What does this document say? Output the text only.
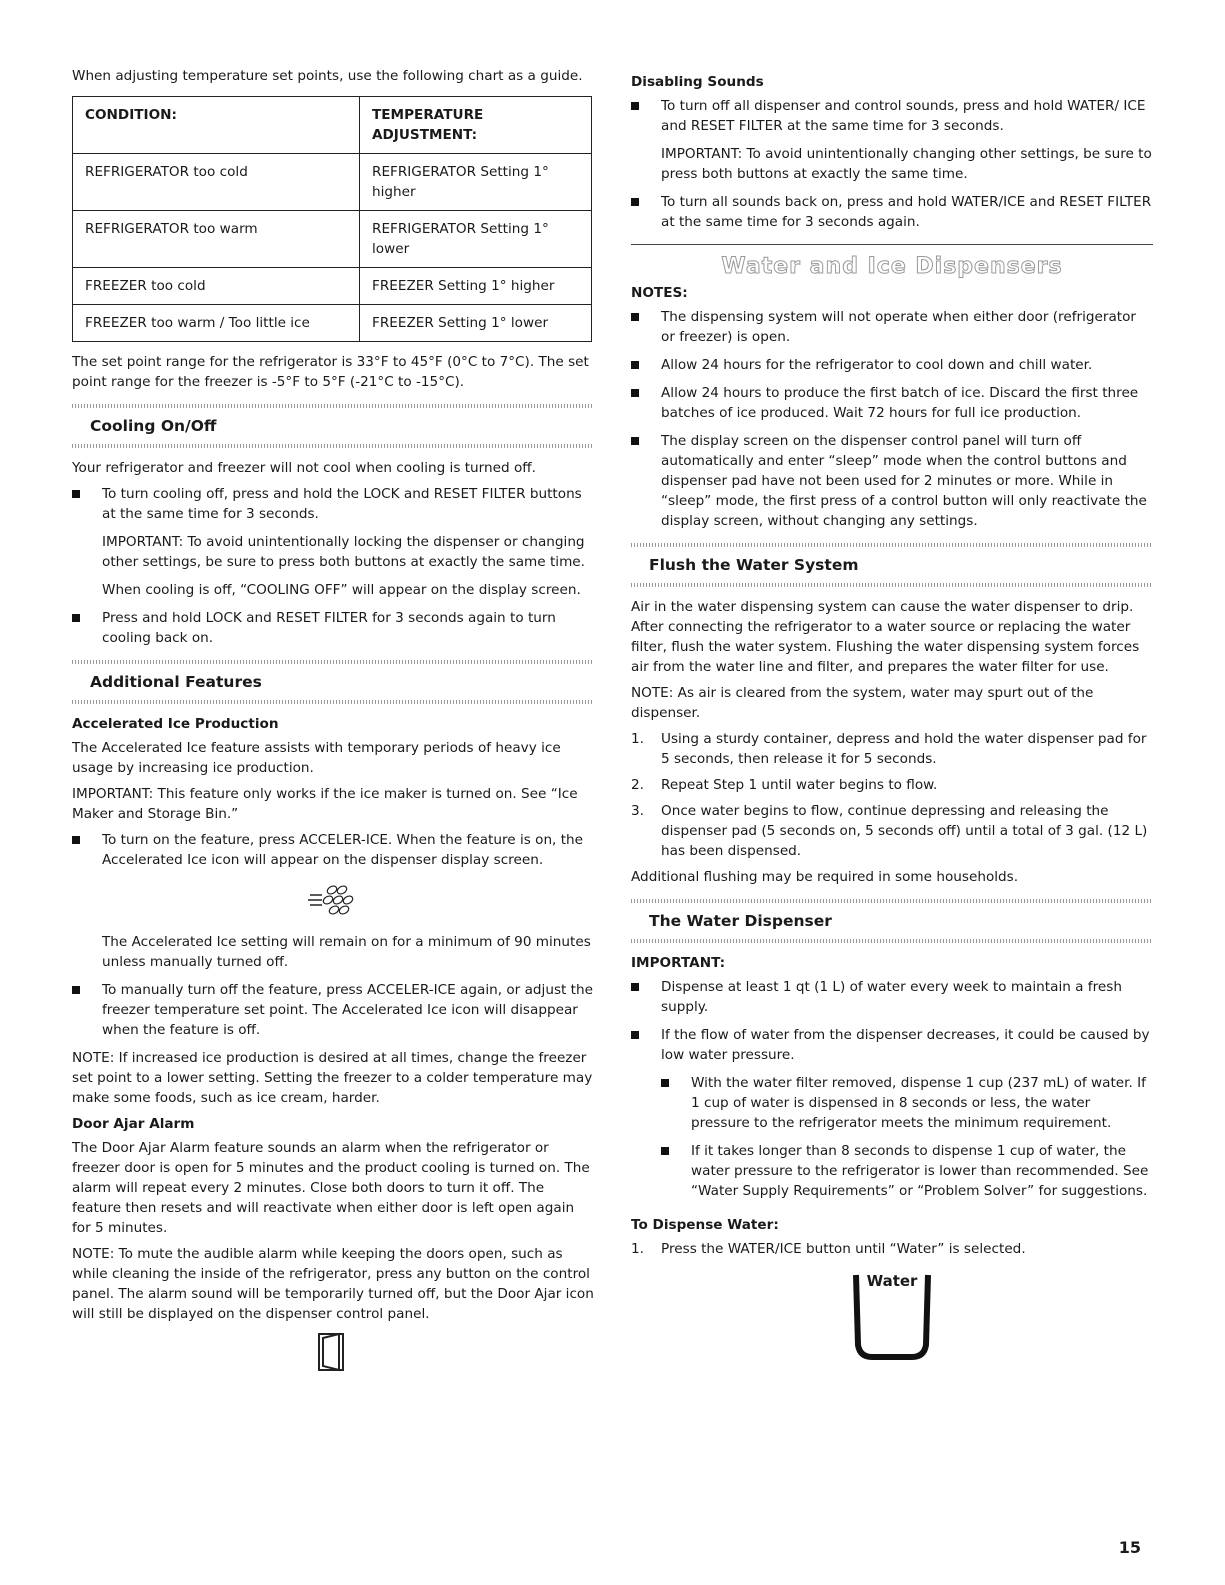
When adjusting temperature set points, use the following chart as a guide.

CONDITION:	TEMPERATURE ADJUSTMENT:
REFRIGERATOR too cold	REFRIGERATOR Setting 1° higher
REFRIGERATOR too warm	REFRIGERATOR Setting 1° lower
FREEZER too cold	FREEZER Setting 1° higher
FREEZER too warm / Too little ice	FREEZER Setting 1° lower

The set point range for the refrigerator is 33°F to 45°F (0°C to 7°C). The set point range for the freezer is -5°F to 5°F (-21°C to -15°C).

Cooling On/Off

Your refrigerator and freezer will not cool when cooling is turned off.

To turn cooling off, press and hold the LOCK and RESET FILTER buttons at the same time for 3 seconds.
IMPORTANT: To avoid unintentionally locking the dispenser or changing other settings, be sure to press both buttons at exactly the same time.
When cooling is off, “COOLING OFF” will appear on the display screen.
Press and hold LOCK and RESET FILTER for 3 seconds again to turn cooling back on.
Additional Features
Accelerated Ice Production

The Accelerated Ice feature assists with temporary periods of heavy ice usage by increasing ice production.

IMPORTANT: This feature only works if the ice maker is turned on. See “Ice Maker and Storage Bin.”

To turn on the feature, press ACCELER-ICE. When the feature is on, the Accelerated Ice icon will appear on the dispenser display screen.
The Accelerated Ice setting will remain on for a minimum of 90 minutes unless manually turned off.
To manually turn off the feature, press ACCELER-ICE again, or adjust the freezer temperature set point. The Accelerated Ice icon will disappear when the feature is off.

NOTE: If increased ice production is desired at all times, change the freezer set point to a lower setting. Setting the freezer to a colder temperature may make some foods, such as ice cream, harder.

Door Ajar Alarm

The Door Ajar Alarm feature sounds an alarm when the refrigerator or freezer door is open for 5 minutes and the product cooling is turned on. The alarm will repeat every 2 minutes. Close both doors to turn it off. The feature then resets and will reactivate when either door is left open again for 5 minutes.

NOTE: To mute the audible alarm while keeping the doors open, such as while cleaning the inside of the refrigerator, press any button on the control panel. The alarm sound will be temporarily turned off, but the Door Ajar icon will still be displayed on the dispenser control panel.

Disabling Sounds
To turn off all dispenser and control sounds, press and hold WATER/ ICE and RESET FILTER at the same time for 3 seconds.
IMPORTANT: To avoid unintentionally changing other settings, be sure to press both buttons at exactly the same time.
To turn all sounds back on, press and hold WATER/ICE and RESET FILTER at the same time for 3 seconds again.
Water and Ice Dispensers
NOTES:
The dispensing system will not operate when either door (refrigerator or freezer) is open.
Allow 24 hours for the refrigerator to cool down and chill water.
Allow 24 hours to produce the first batch of ice. Discard the first three batches of ice produced. Wait 72 hours for full ice production.
The display screen on the dispenser control panel will turn off automatically and enter “sleep” mode when the control buttons and dispenser pad have not been used for 2 minutes or more. While in “sleep” mode, the first press of a control button will only reactivate the display screen, without changing any settings.
Flush the Water System

Air in the water dispensing system can cause the water dispenser to drip. After connecting the refrigerator to a water source or replacing the water filter, flush the water system. Flushing the water dispensing system forces air from the water line and filter, and prepares the water filter for use.

NOTE: As air is cleared from the system, water may spurt out of the dispenser.

1. Using a sturdy container, depress and hold the water dispenser pad for 5 seconds, then release it for 5 seconds.
2. Repeat Step 1 until water begins to flow.
3. Once water begins to flow, continue depressing and releasing the dispenser pad (5 seconds on, 5 seconds off) until a total of 3 gal. (12 L) has been dispensed.

Additional flushing may be required in some households.

The Water Dispenser
IMPORTANT:
Dispense at least 1 qt (1 L) of water every week to maintain a fresh supply.
If the flow of water from the dispenser decreases, it could be caused by low water pressure.
With the water filter removed, dispense 1 cup (237 mL) of water. If 1 cup of water is dispensed in 8 seconds or less, the water pressure to the refrigerator meets the minimum requirement.
If it takes longer than 8 seconds to dispense 1 cup of water, the water pressure to the refrigerator is lower than recommended. See “Water Supply Requirements” or “Problem Solver” for suggestions.
To Dispense Water:
1. Press the WATER/ICE button until “Water” is selected.
Water
15
